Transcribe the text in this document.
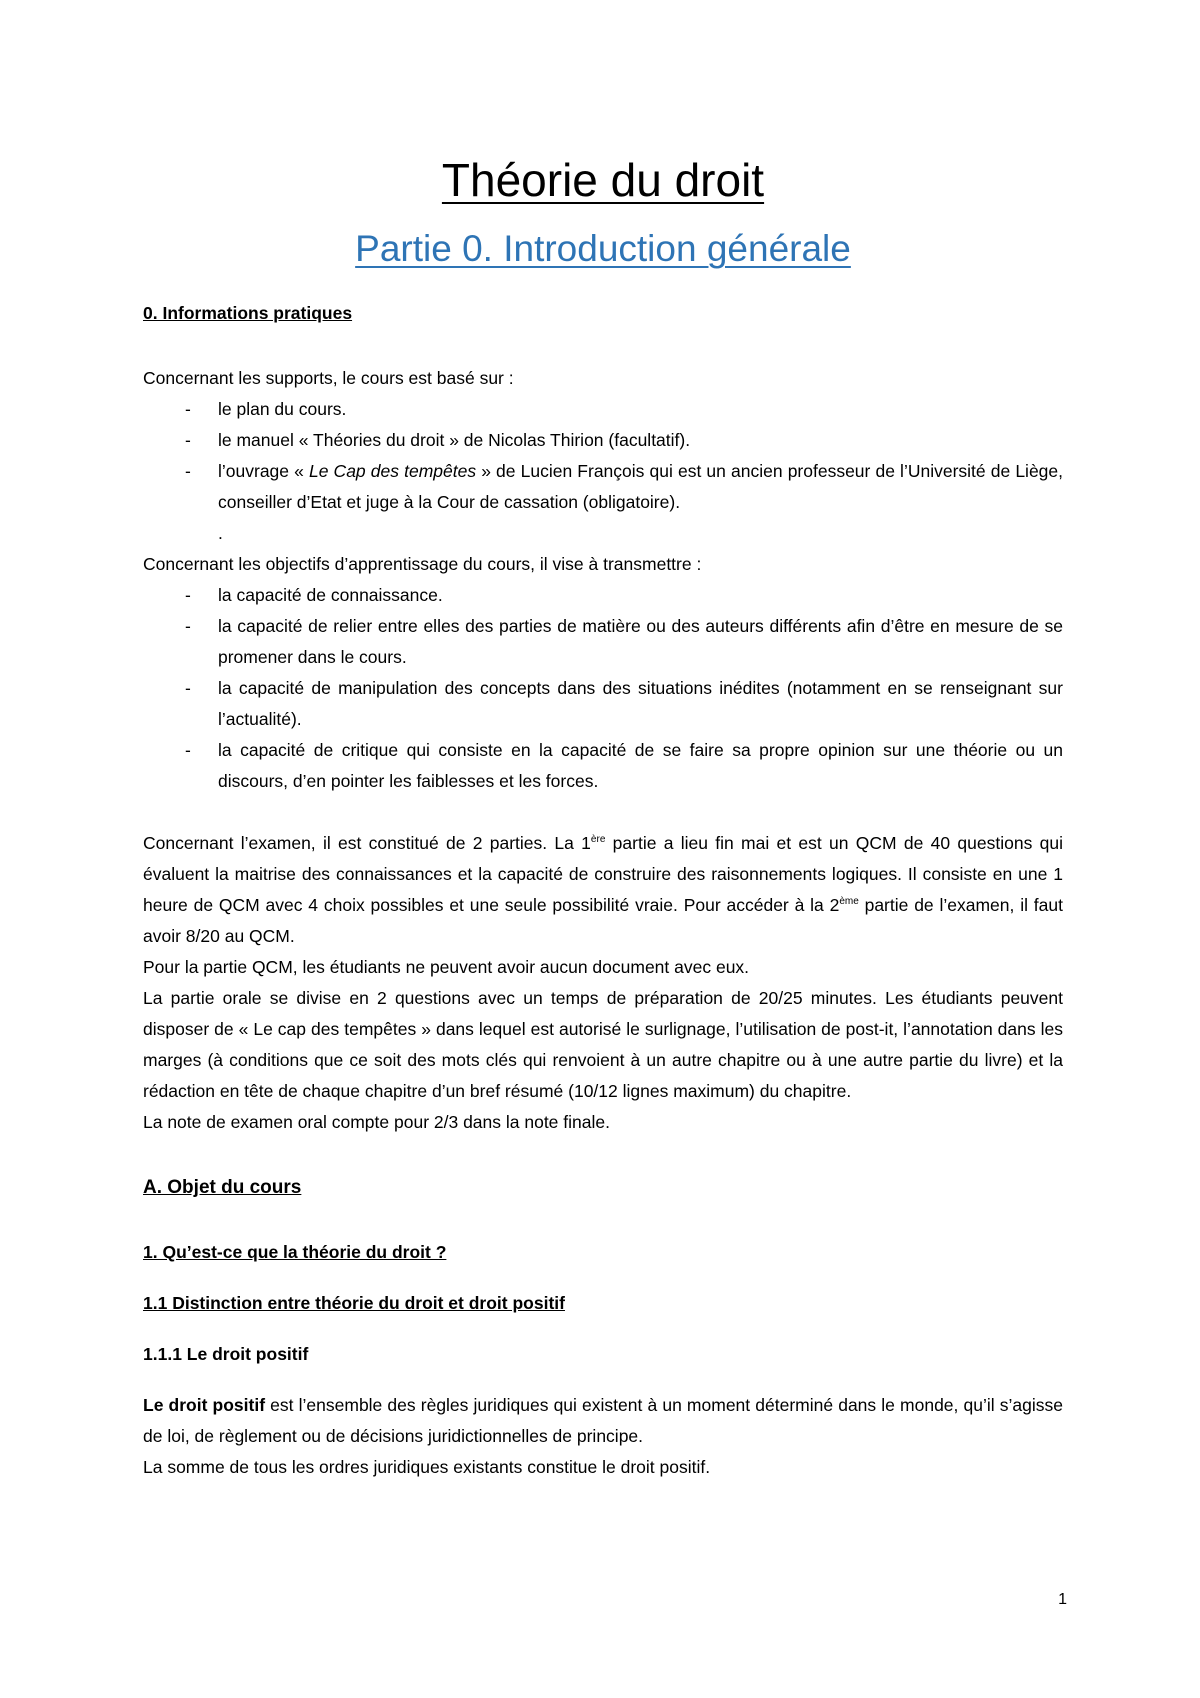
Théorie du droit
Partie 0. Introduction générale

0. Informations pratiques

Concernant les supports, le cours est basé sur :

- le plan du cours.
- le manuel « Théories du droit » de Nicolas Thirion (facultatif).
- l’ouvrage « Le Cap des tempêtes » de Lucien François qui est un ancien professeur de l’Université de Liège, conseiller d’Etat et juge à la Cour de cassation (obligatoire).

.

Concernant les objectifs d’apprentissage du cours, il vise à transmettre :

- la capacité de connaissance.
- la capacité de relier entre elles des parties de matière ou des auteurs différents afin d’être en mesure de se promener dans le cours.
- la capacité de manipulation des concepts dans des situations inédites (notamment en se renseignant sur l’actualité).
- la capacité de critique qui consiste en la capacité de se faire sa propre opinion sur une théorie ou un discours, d’en pointer les faiblesses et les forces.

Concernant l’examen, il est constitué de 2 parties. La 1ère partie a lieu fin mai et est un QCM de 40 questions qui évaluent la maitrise des connaissances et la capacité de construire des raisonnements logiques. Il consiste en une 1 heure de QCM avec 4 choix possibles et une seule possibilité vraie. Pour accéder à la 2ème partie de l’examen, il faut avoir 8/20 au QCM.

Pour la partie QCM, les étudiants ne peuvent avoir aucun document avec eux.

La partie orale se divise en 2 questions avec un temps de préparation de 20/25 minutes. Les étudiants peuvent disposer de « Le cap des tempêtes » dans lequel est autorisé le surlignage, l’utilisation de post-it, l’annotation dans les marges (à conditions que ce soit des mots clés qui renvoient à un autre chapitre ou à une autre partie du livre) et la rédaction en tête de chaque chapitre d’un bref résumé (10/12 lignes maximum) du chapitre.

La note de examen oral compte pour 2/3 dans la note finale.

A. Objet du cours

1. Qu’est-ce que la théorie du droit ?

1.1 Distinction entre théorie du droit et droit positif

1.1.1 Le droit positif

Le droit positif est l’ensemble des règles juridiques qui existent à un moment déterminé dans le monde, qu’il s’agisse de loi, de règlement ou de décisions juridictionnelles de principe.

La somme de tous les ordres juridiques existants constitue le droit positif.

1
